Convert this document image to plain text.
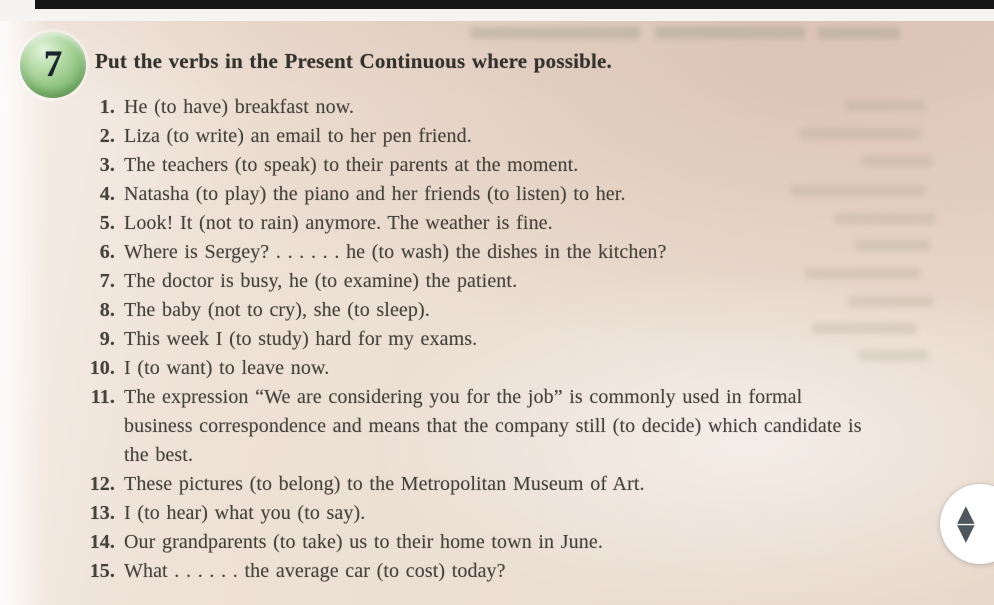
7 Put the verbs in the Present Continuous where possible.
1. He (to have) breakfast now.
2. Liza (to write) an email to her pen friend.
3. The teachers (to speak) to their parents at the moment.
4. Natasha (to play) the piano and her friends (to listen) to her.
5. Look! It (not to rain) anymore. The weather is fine.
6. Where is Sergey? . . . . . . he (to wash) the dishes in the kitchen?
7. The doctor is busy, he (to examine) the patient.
8. The baby (not to cry), she (to sleep).
9. This week I (to study) hard for my exams.
10. I (to want) to leave now.
11. The expression “We are considering you for the job” is commonly used in formal business correspondence and means that the company still (to decide) which candidate is the best.
12. These pictures (to belong) to the Metropolitan Museum of Art.
13. I (to hear) what you (to say).
14. Our grandparents (to take) us to their home town in June.
15. What . . . . . . the average car (to cost) today?
▲
▼
